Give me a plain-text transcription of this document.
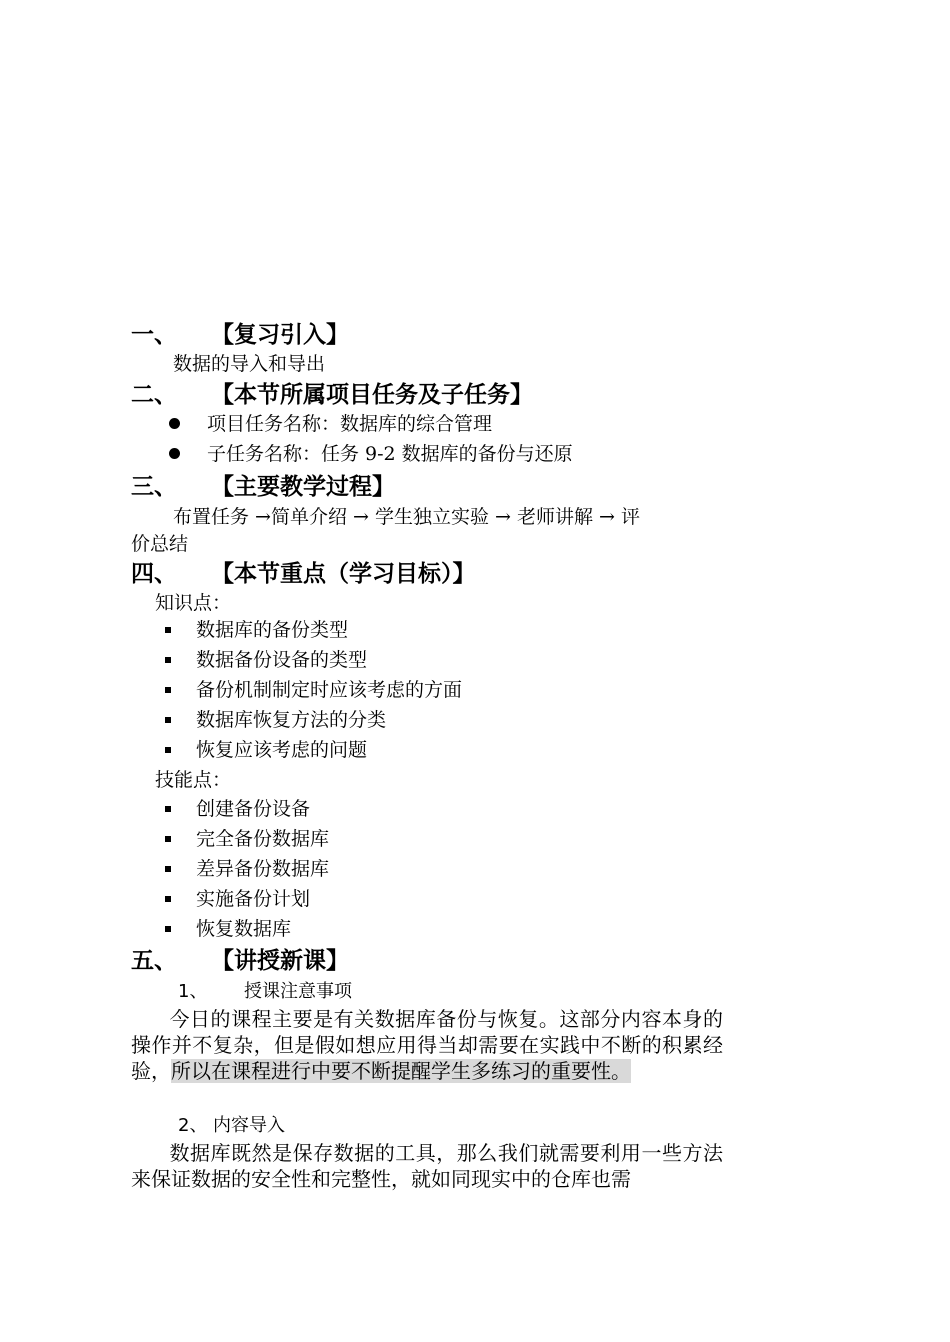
一、 【复习引入】
数据的导入和导出
二、 【本节所属项目任务及子任务】
项目任务名称：数据库的综合管理
子任务名称：任务 9-2 数据库的备份与还原
三、 【主要教学过程】
布置任务 →简单介绍 → 学生独立实验 → 老师讲解 → 评
价总结
四、 【本节重点（学习目标）】
知识点：
数据库的备份类型
数据备份设备的类型
备份机制制定时应该考虑的方面
数据库恢复方法的分类
恢复应该考虑的问题
技能点：
创建备份设备
完全备份数据库
差异备份数据库
实施备份计划
恢复数据库
五、 【讲授新课】
1、 授课注意事项
今日的课程主要是有关数据库备份与恢复。这部分内容本身的操作并不复杂，但是假如想应用得当却需要在实践中不断的积累经验，所以在课程进行中要不断提醒学生多练习的重要性。
2、 内容导入
数据库既然是保存数据的工具，那么我们就需要利用一些方法来保证数据的安全性和完整性，就如同现实中的仓库也需
